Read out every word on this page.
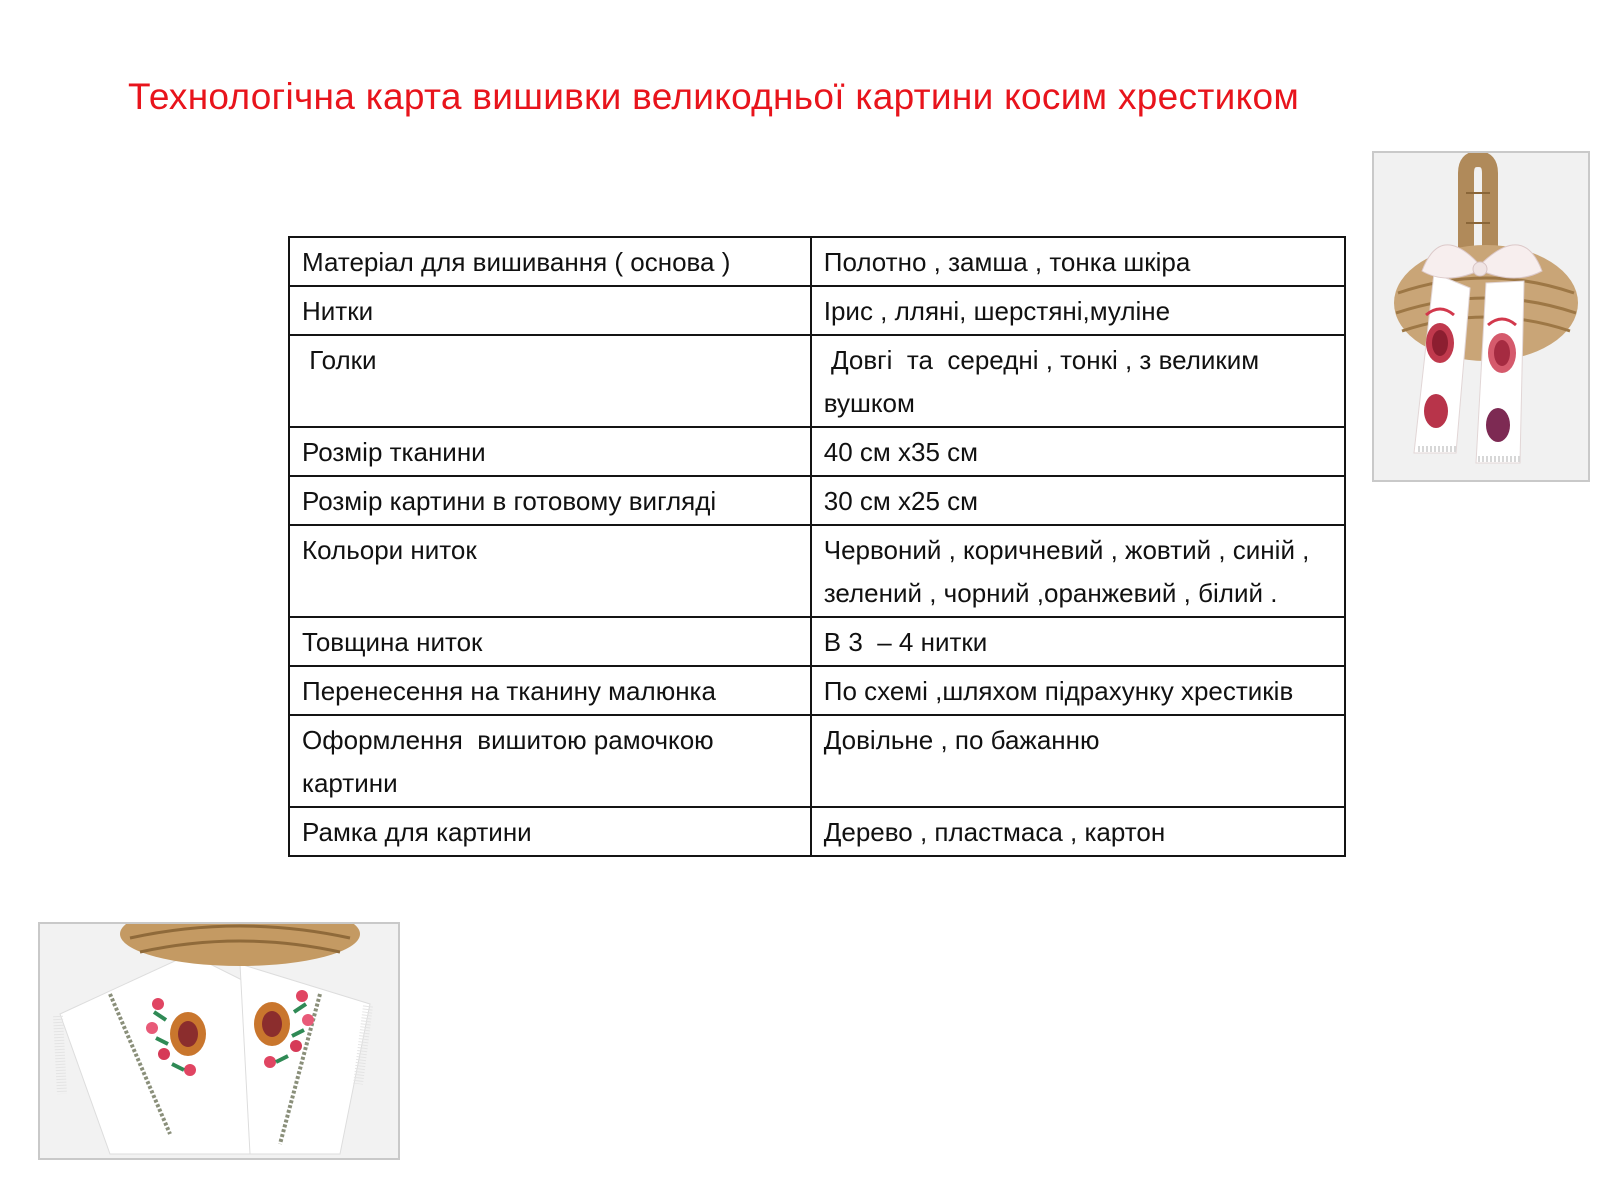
Технологічна карта вишивки великодньої картини косим хрестиком
Матеріал для вишивання ( основа )	Полотно , замша , тонка шкіра
Нитки	Ірис , лляні, шерстяні,муліне
Голки	Довгі  та  середні , тонкі , з великим вушком
Розмір тканини	40 см х35 см
Розмір картини в готовому вигляді	30 см х25 см
Кольори ниток	Червоний , коричневий , жовтий , синій , зелений , чорний ,оранжевий , білий .
Товщина ниток	В 3  – 4 нитки
Перенесення на тканину малюнка	По схемі ,шляхом підрахунку хрестиків
Оформлення  вишитою рамочкою картини	Довільне , по бажанню
Рамка для картини	Дерево , пластмаса , картон
